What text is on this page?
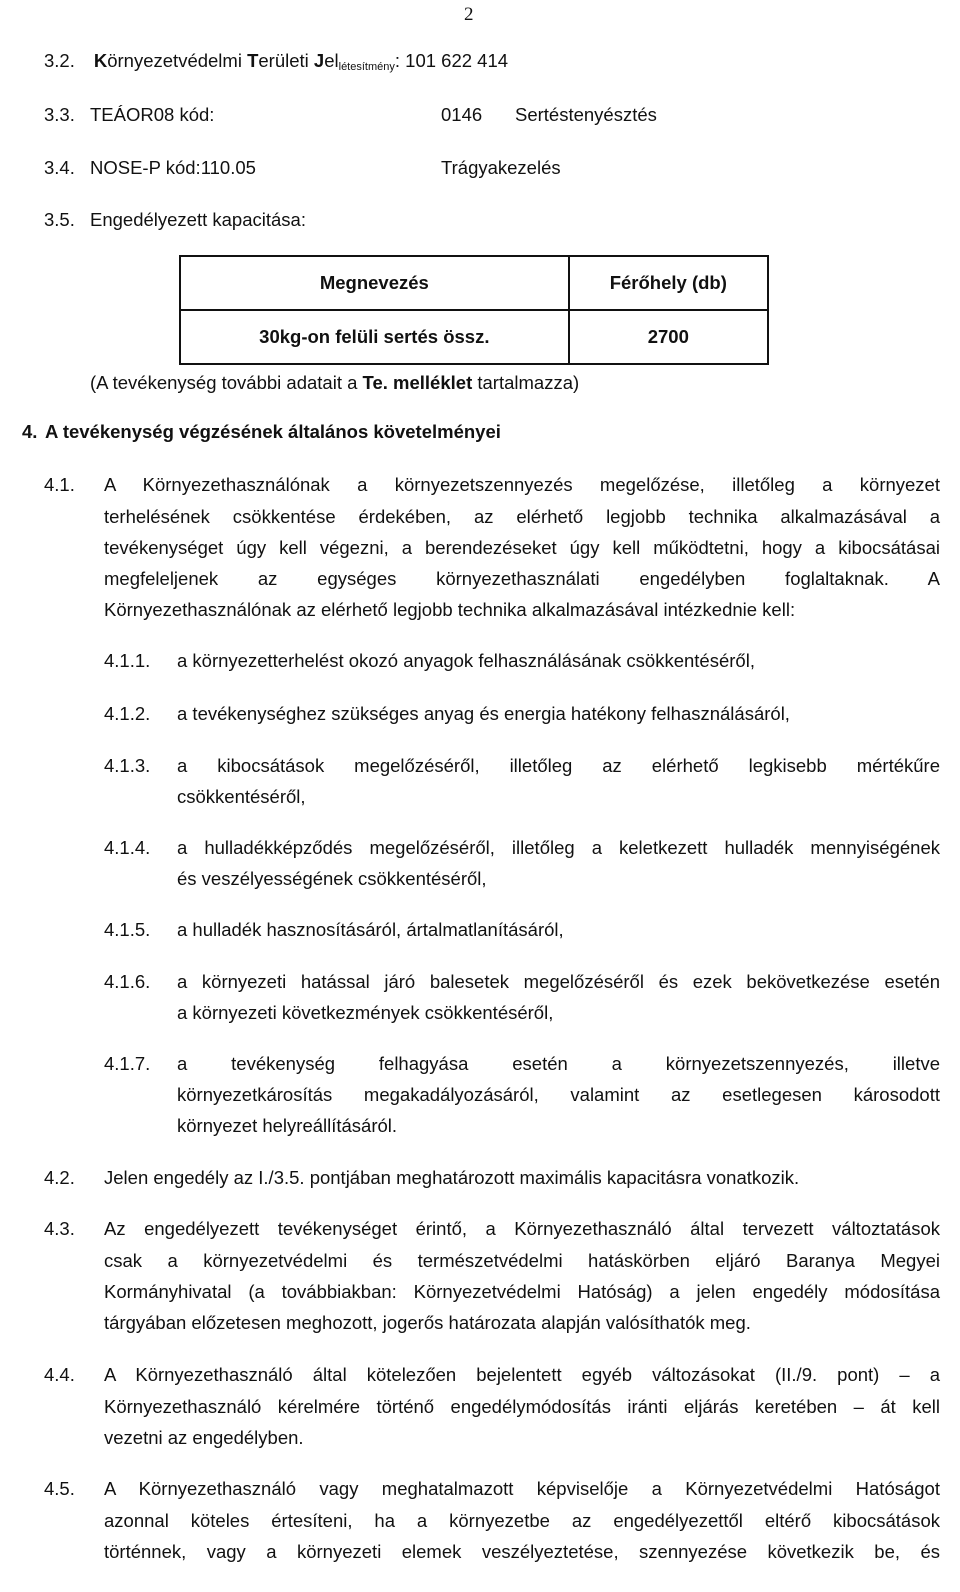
2
3.2. Környezetvédelmi Területi Jel$_{létesítmény}$: 101 622 414
3.3. TEÁOR08 kód:	0146 Sertéstenyésztés
3.4. NOSE-P kód:110.05	Trágyakezelés
3.5. Engedélyezett kapacitása:
Megnevezés	Férőhely (db)
30kg-on felüli sertés össz.	2700
(A tevékenység további adatait a Te. melléklet tartalmazza)
4. A tevékenység végzésének általános követelményei
4.1. A Környezethasználónak a környezetszennyezés megelőzése, illetőleg a környezet
terhelésének csökkentése érdekében, az elérhető legjobb technika alkalmazásával a
tevékenységet úgy kell végezni, a berendezéseket úgy kell működtetni, hogy a kibocsátásai
megfeleljenek az egységes környezethasználati engedélyben foglaltaknak. A
Környezethasználónak az elérhető legjobb technika alkalmazásával intézkednie kell:
4.1.1. a környezetterhelést okozó anyagok felhasználásának csökkentéséről,
4.1.2. a tevékenységhez szükséges anyag és energia hatékony felhasználásáról,
4.1.3. a kibocsátások megelőzéséről, illetőleg az elérhető legkisebb mértékűre
csökkentéséről,
4.1.4. a hulladékképződés megelőzéséről, illetőleg a keletkezett hulladék mennyiségének
és veszélyességének csökkentéséről,
4.1.5. a hulladék hasznosításáról, ártalmatlanításáról,
4.1.6. a környezeti hatással járó balesetek megelőzéséről és ezek bekövetkezése esetén
a környezeti következmények csökkentéséről,
4.1.7. a tevékenység felhagyása esetén a környezetszennyezés, illetve
környezetkárosítás megakadályozásáról, valamint az esetlegesen károsodott
környezet helyreállításáról.
4.2. Jelen engedély az I./3.5. pontjában meghatározott maximális kapacitásra vonatkozik.
4.3. Az engedélyezett tevékenységet érintő, a Környezethasználó által tervezett változtatások
csak a környezetvédelmi és természetvédelmi hatáskörben eljáró Baranya Megyei
Kormányhivatal (a továbbiakban: Környezetvédelmi Hatóság) a jelen engedély módosítása
tárgyában előzetesen meghozott, jogerős határozata alapján valósíthatók meg.
4.4. A Környezethasználó által kötelezően bejelentett egyéb változásokat (II./9. pont) – a
Környezethasználó kérelmére történő engedélymódosítás iránti eljárás keretében – át kell
vezetni az engedélyben.
4.5. A Környezethasználó vagy meghatalmazott képviselője a Környezetvédelmi Hatóságot
azonnal köteles értesíteni, ha a környezetbe az engedélyezettől eltérő kibocsátások
történnek, vagy a környezeti elemek veszélyeztetése, szennyezése következik be, és
